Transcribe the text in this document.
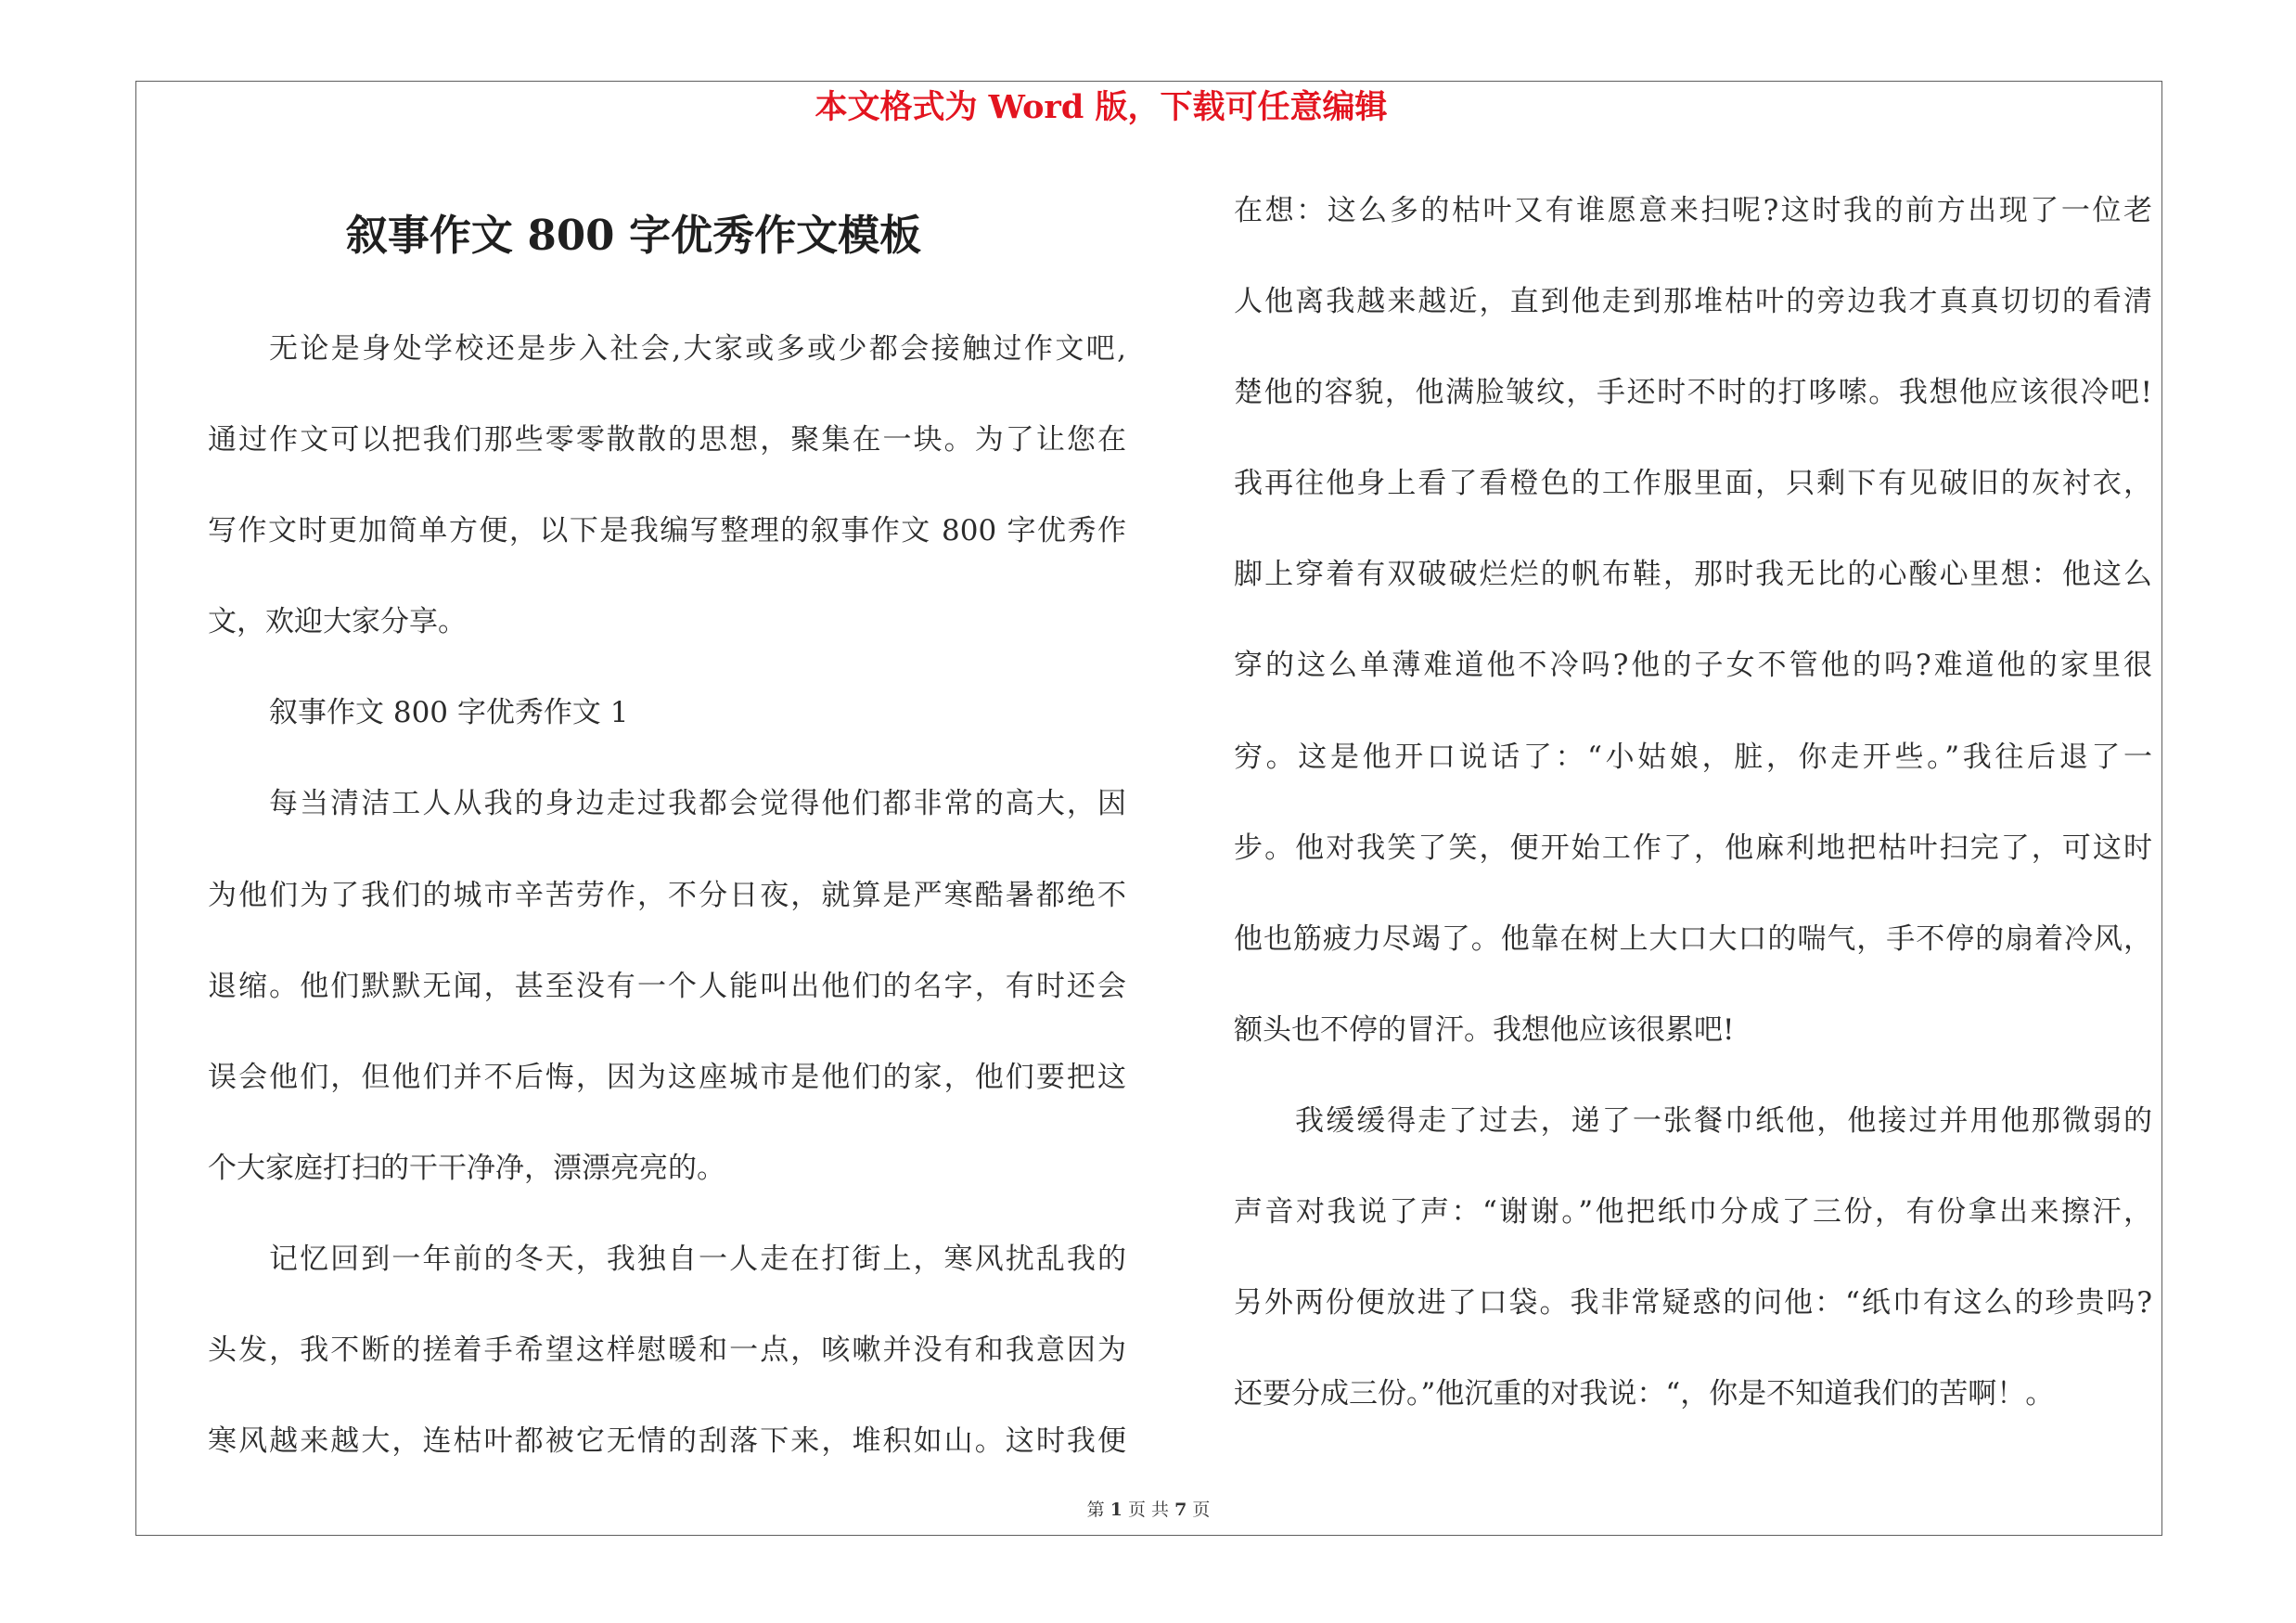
本文格式为 Word 版，下载可任意编辑
叙事作文 800 字优秀作文模板
无论是身处学校还是步入社会,大家或多或少都会接触过作文吧,
通过作文可以把我们那些零零散散的思想，聚集在一块。为了让您在
写作文时更加简单方便，以下是我编写整理的叙事作文 800 字优秀作
文，欢迎大家分享。
叙事作文 800 字优秀作文 1
每当清洁工人从我的身边走过我都会觉得他们都非常的高大，因
为他们为了我们的城市辛苦劳作，不分日夜，就算是严寒酷暑都绝不
退缩。他们默默无闻，甚至没有一个人能叫出他们的名字，有时还会
误会他们，但他们并不后悔，因为这座城市是他们的家，他们要把这
个大家庭打扫的干干净净，漂漂亮亮的。
记忆回到一年前的冬天，我独自一人走在打街上，寒风扰乱我的
头发，我不断的搓着手希望这样慰暖和一点，咳嗽并没有和我意因为
寒风越来越大，连枯叶都被它无情的刮落下来，堆积如山。这时我便
在想：这么多的枯叶又有谁愿意来扫呢?这时我的前方出现了一位老
人他离我越来越近，直到他走到那堆枯叶的旁边我才真真切切的看清
楚他的容貌，他满脸皱纹，手还时不时的打哆嗦。我想他应该很冷吧!
我再往他身上看了看橙色的工作服里面，只剩下有见破旧的灰衬衣，
脚上穿着有双破破烂烂的帆布鞋，那时我无比的心酸心里想：他这么
穿的这么单薄难道他不冷吗?他的子女不管他的吗?难道他的家里很
穷。这是他开口说话了：“小姑娘，脏，你走开些。”我往后退了一
步。他对我笑了笑，便开始工作了，他麻利地把枯叶扫完了，可这时
他也筋疲力尽竭了。他靠在树上大口大口的喘气，手不停的扇着冷风，
额头也不停的冒汗。我想他应该很累吧!
我缓缓得走了过去，递了一张餐巾纸他，他接过并用他那微弱的
声音对我说了声：“谢谢。”他把纸巾分成了三份，有份拿出来擦汗，
另外两份便放进了口袋。我非常疑惑的问他：“纸巾有这么的珍贵吗?
还要分成三份。”他沉重的对我说：“，你是不知道我们的苦啊！。
第 1 页 共 7 页
